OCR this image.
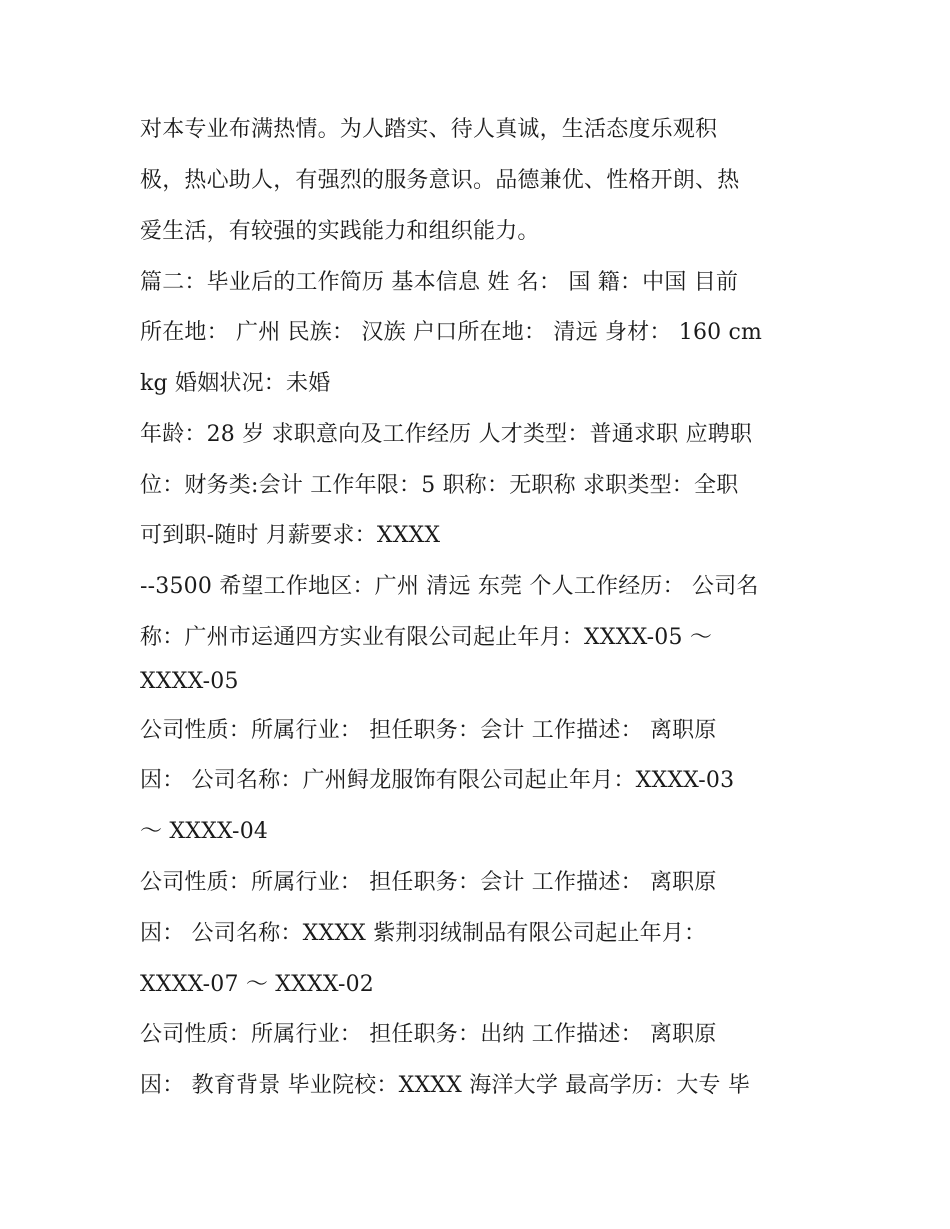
对本专业布满热情。为人踏实、待人真诚，生活态度乐观积
极，热心助人，有强烈的服务意识。品德兼优、性格开朗、热
爱生活，有较强的实践能力和组织能力。
篇二：毕业后的工作简历 基本信息 姓 名： 国 籍：中国 目前
所在地： 广州 民族： 汉族 户口所在地： 清远 身材： 160 cm
kg 婚姻状况：未婚
年龄：28 岁 求职意向及工作经历 人才类型：普通求职 应聘职
位：财务类:会计 工作年限：5 职称：无职称 求职类型：全职
可到职-随时 月薪要求：XXXX
--3500 希望工作地区：广州 清远 东莞 个人工作经历： 公司名
称：广州市运通四方实业有限公司起止年月：XXXX-05 ～
XXXX-05
公司性质：所属行业： 担任职务：会计 工作描述： 离职原
因： 公司名称：广州鲟龙服饰有限公司起止年月：XXXX-03
～ XXXX-04
公司性质：所属行业： 担任职务：会计 工作描述： 离职原
因： 公司名称：XXXX 紫荆羽绒制品有限公司起止年月：
XXXX-07 ～ XXXX-02
公司性质：所属行业： 担任职务：出纳 工作描述： 离职原
因： 教育背景 毕业院校：XXXX 海洋大学 最高学历：大专 毕
